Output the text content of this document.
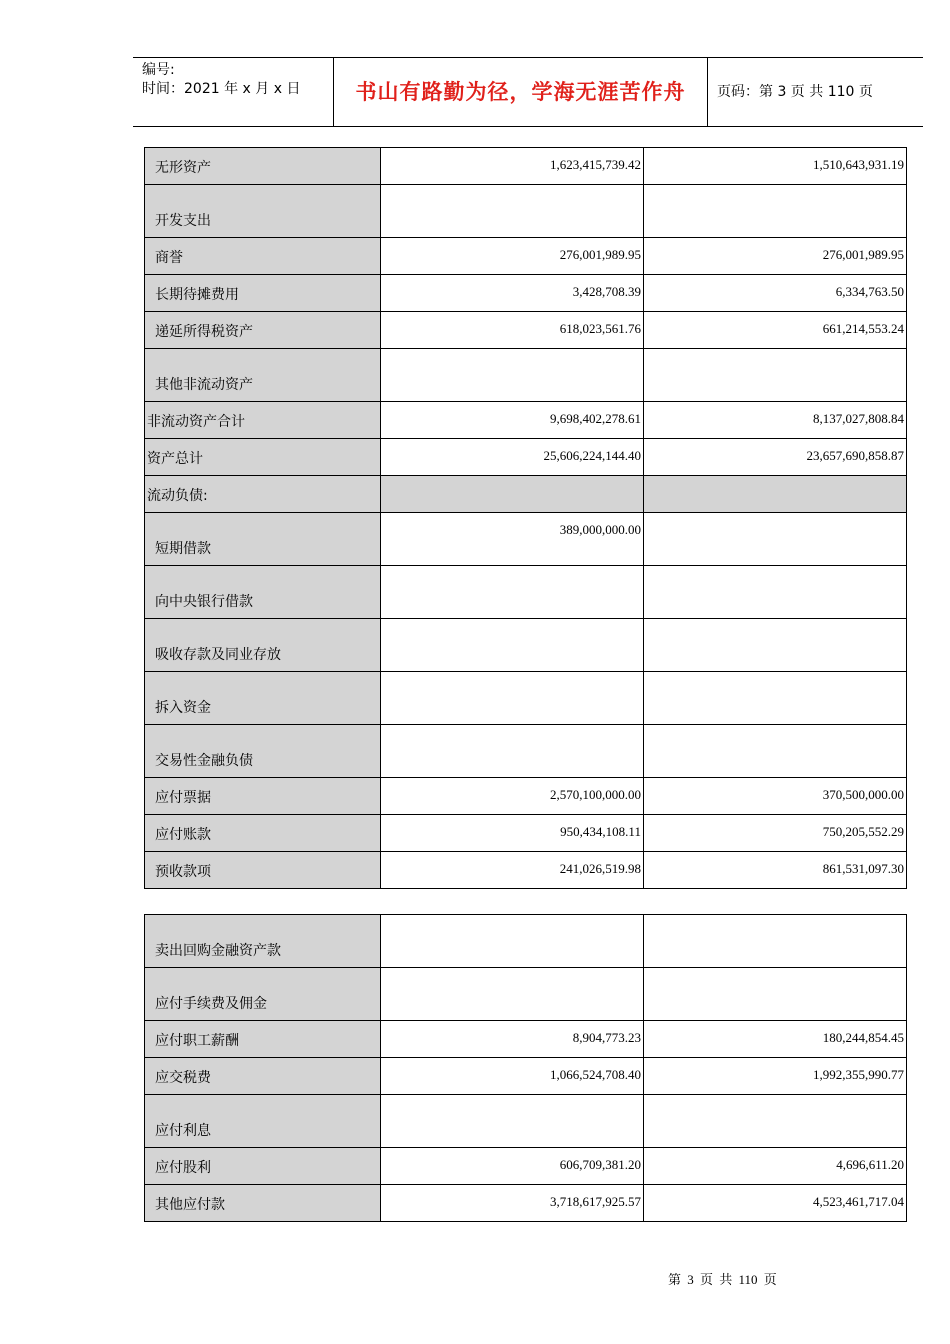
编号:
时间：2021 年 x 月 x 日	书山有路勤为径，学海无涯苦作舟	页码：第 3 页 共 110 页
无形资产	1,623,415,739.42	1,510,643,931.19
开发支出		
商誉	276,001,989.95	276,001,989.95
长期待摊费用	3,428,708.39	6,334,763.50
递延所得税资产	618,023,561.76	661,214,553.24
其他非流动资产		
非流动资产合计	9,698,402,278.61	8,137,027,808.84
资产总计	25,606,224,144.40	23,657,690,858.87
流动负债:		
短期借款	389,000,000.00	
向中央银行借款		
吸收存款及同业存放		
拆入资金		
交易性金融负债		
应付票据	2,570,100,000.00	370,500,000.00
应付账款	950,434,108.11	750,205,552.29
预收款项	241,026,519.98	861,531,097.30
卖出回购金融资产款		
应付手续费及佣金		
应付职工薪酬	8,904,773.23	180,244,854.45
应交税费	1,066,524,708.40	1,992,355,990.77
应付利息		
应付股利	606,709,381.20	4,696,611.20
其他应付款	3,718,617,925.57	4,523,461,717.04
第 3 页 共 110 页
